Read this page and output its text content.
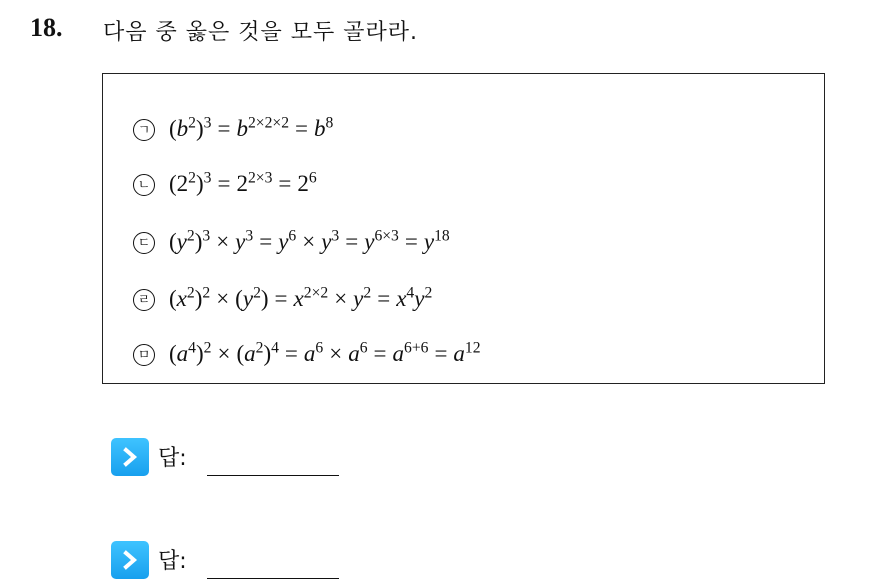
18. 다음 중 옳은 것을 모두 골라라.
ㄱ $(b^2)^3 = b^{2\times 2\times 2} = b^8$
ㄴ $(2^2)^3 = 2^{2\times 3} = 2^6$
ㄷ $(y^2)^3 \times y^3 = y^6 \times y^3 = y^{6\times 3} = y^{18}$
ㄹ $(x^2)^2 \times (y^2) = x^{2\times 2} \times y^2 = x^4y^2$
ㅁ $(a^4)^2 \times (a^2)^4 = a^6 \times a^6 = a^{6+6} = a^{12}$
답:
답:
